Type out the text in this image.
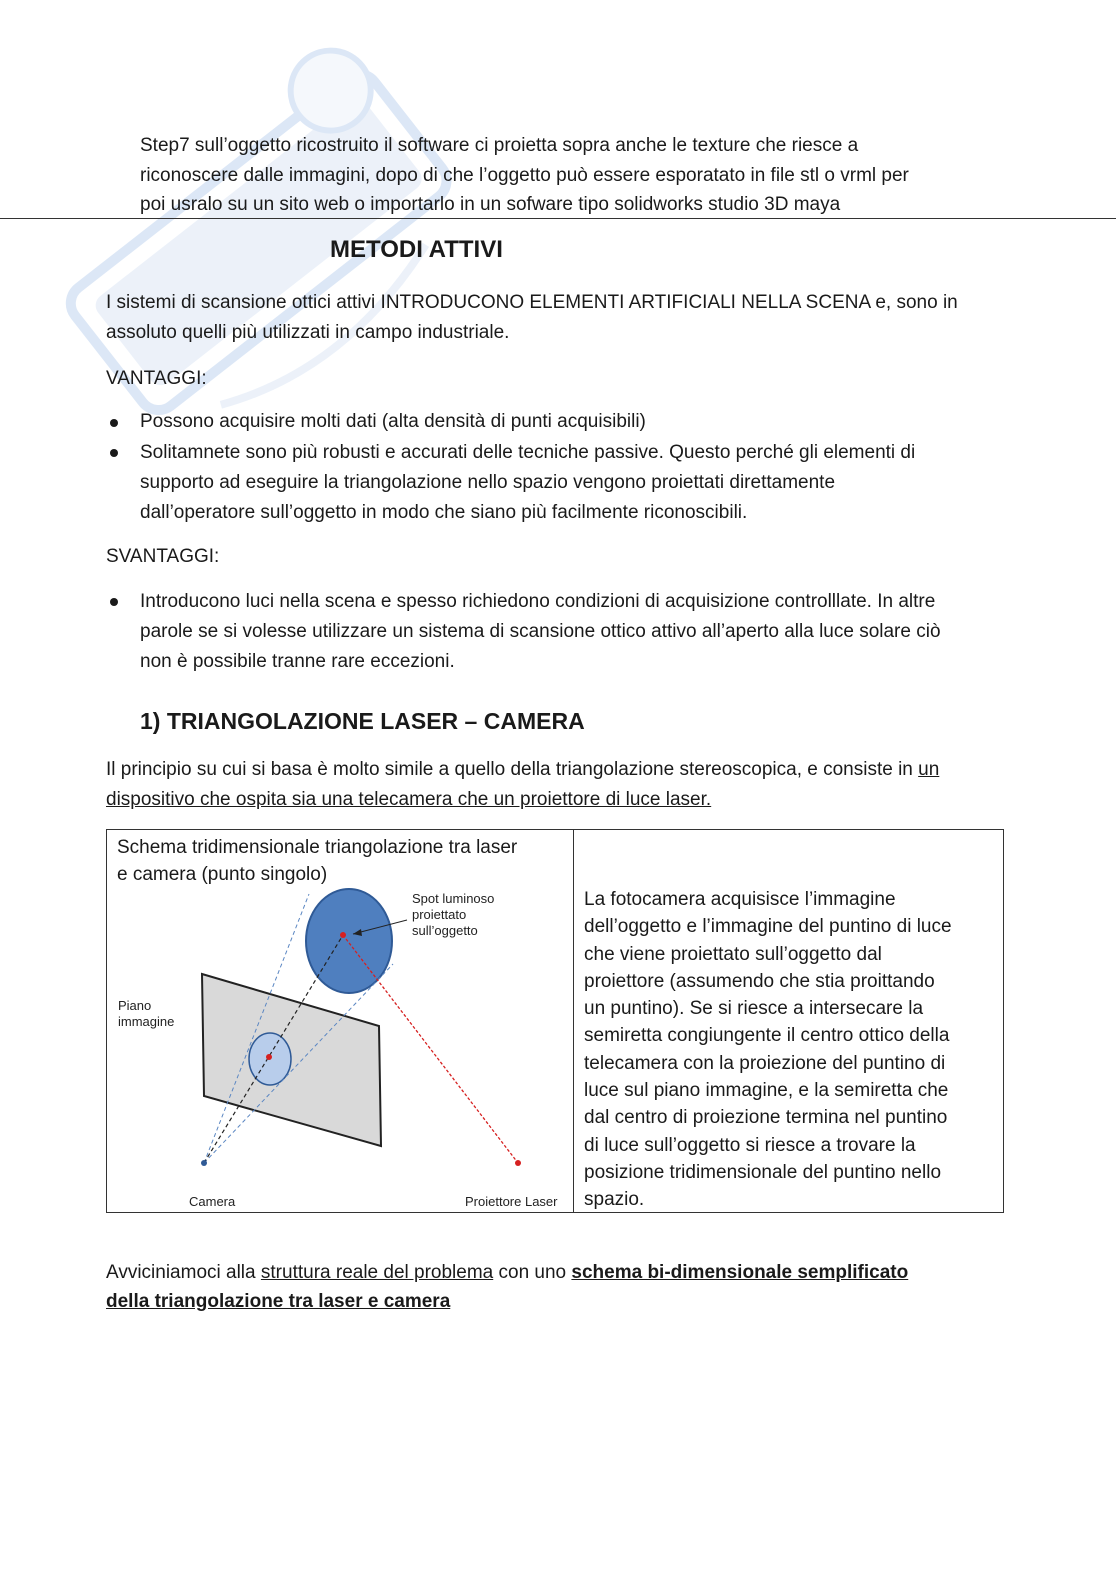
Step7 sull’oggetto ricostruito il software ci proietta sopra anche le texture che riesce a

riconoscere dalle immagini, dopo di che l’oggetto può essere esporatato in file stl o vrml per

poi usralo su un sito web o importarlo in un sofware tipo solidworks studio 3D maya

METODI ATTIVI

I sistemi di scansione ottici attivi INTRODUCONO ELEMENTI ARTIFICIALI NELLA SCENA e, sono in

assoluto quelli più utilizzati in campo industriale.

VANTAGGI:

Possono acquisire molti dati (alta densità di punti acquisibili)

Solitamnete sono più robusti e accurati delle tecniche passive. Questo perché gli elementi di

supporto ad eseguire la triangolazione nello spazio vengono proiettati direttamente

dall’operatore sull’oggetto in modo che siano più facilmente riconoscibili.

SVANTAGGI:

Introducono luci nella scena e spesso richiedono condizioni di acquisizione controlllate. In altre

parole se si volesse utilizzare un sistema di scansione ottico attivo all’aperto alla luce solare ciò

non è possibile tranne rare eccezioni.

1) TRIANGOLAZIONE LASER – CAMERA

Il principio su cui si basa è molto simile a quello della triangolazione stereoscopica, e consiste in un

dispositivo che ospita sia una telecamera che un proiettore di luce laser.

Schema tridimensionale triangolazione tra laser
e camera (punto singolo)
Spot luminoso
proiettato
sull’oggetto
Piano
immagine
Camera	Proiettore Laser

La fotocamera acquisisce l’immagine
dell’oggetto e l’immagine del puntino di luce
che viene proiettato sull’oggetto dal
proiettore (assumendo che stia proittando
un puntino). Se si riesce a intersecare la
semiretta congiungente il centro ottico della
telecamera con la proiezione del puntino di
luce sul piano immagine, e la semiretta che
dal centro di proiezione termina nel puntino
di luce sull’oggetto si riesce a trovare la
posizione tridimensionale del puntino nello
spazio.

Avviciniamoci alla struttura reale del problema con uno schema bi-dimensionale semplificato

della triangolazione tra laser e camera
